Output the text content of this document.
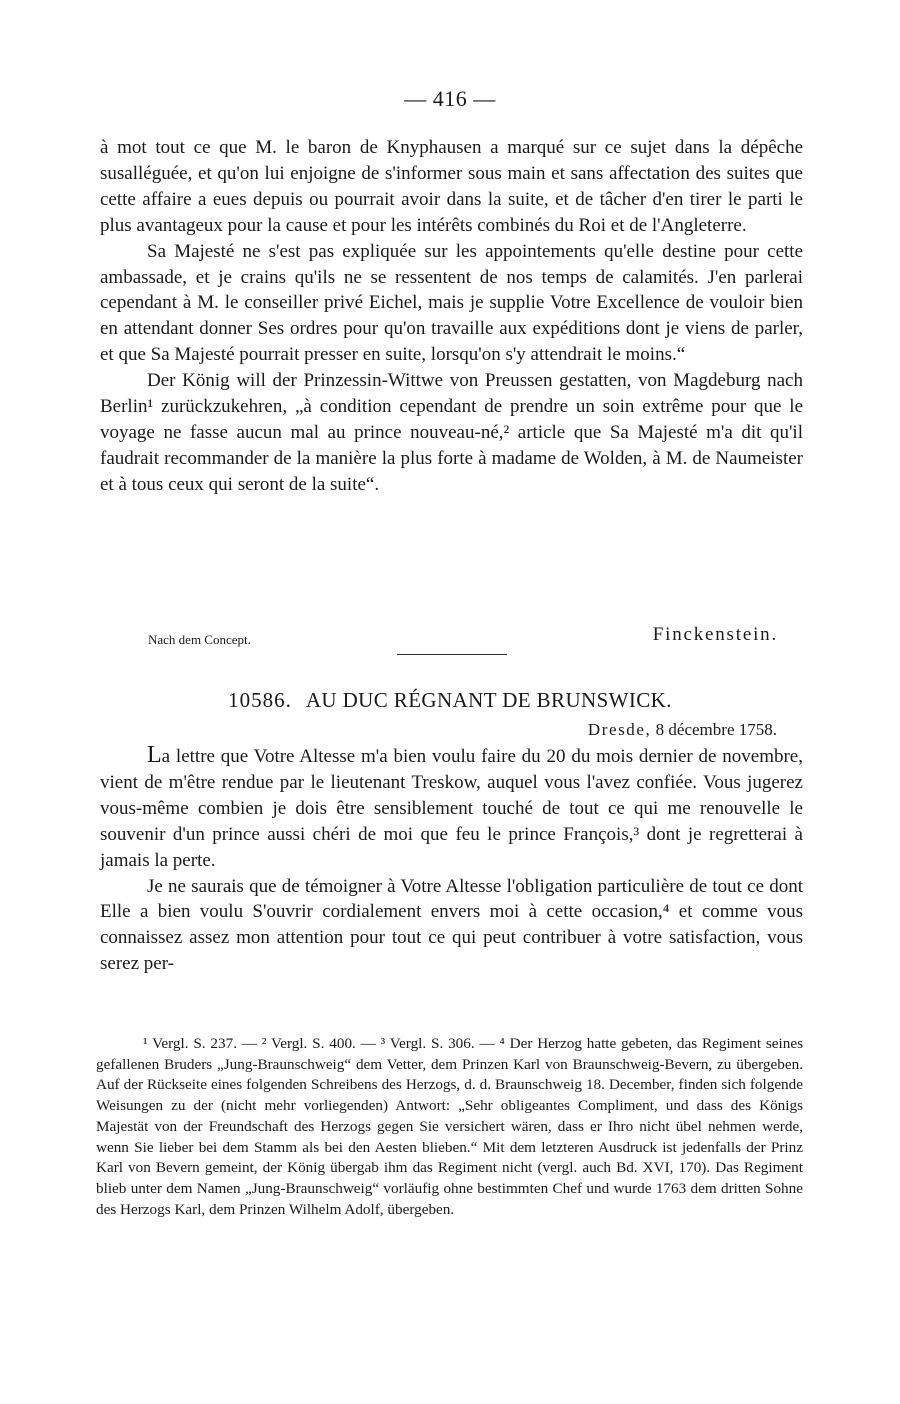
— 416 —

à mot tout ce que M. le baron de Knyphausen a marqué sur ce sujet dans la dépêche susalléguée, et qu'on lui enjoigne de s'informer sous main et sans affectation des suites que cette affaire a eues depuis ou pourrait avoir dans la suite, et de tâcher d'en tirer le parti le plus avantageux pour la cause et pour les intérêts combinés du Roi et de l'Angleterre.

Sa Majesté ne s'est pas expliquée sur les appointements qu'elle destine pour cette ambassade, et je crains qu'ils ne se ressentent de nos temps de calamités. J'en parlerai cependant à M. le conseiller privé Eichel, mais je supplie Votre Excellence de vouloir bien en attendant donner Ses ordres pour qu'on travaille aux expéditions dont je viens de parler, et que Sa Majesté pourrait presser en suite, lorsqu'on s'y attendrait le moins.“

Der König will der Prinzessin-Wittwe von Preussen gestatten, von Magdeburg nach Berlin¹ zurückzukehren, „à condition cependant de prendre un soin extrême pour que le voyage ne fasse aucun mal au prince nouveau-né,² article que Sa Majesté m'a dit qu'il faudrait recommander de la manière la plus forte à madame de Wolden, à M. de Naumeister et à tous ceux qui seront de la suite“.

Nach dem Concept.	Finckenstein.
10586. AU DUC RÉGNANT DE BRUNSWICK.
Dresde, 8 décembre 1758.

La lettre que Votre Altesse m'a bien voulu faire du 20 du mois dernier de novembre, vient de m'être rendue par le lieutenant Treskow, auquel vous l'avez confiée. Vous jugerez vous-même combien je dois être sensiblement touché de tout ce qui me renouvelle le souvenir d'un prince aussi chéri de moi que feu le prince François,³ dont je regretterai à jamais la perte.

Je ne saurais que de témoigner à Votre Altesse l'obligation particulière de tout ce dont Elle a bien voulu S'ouvrir cordialement envers moi à cette occasion,⁴ et comme vous connaissez assez mon attention pour tout ce qui peut contribuer à votre satisfaction, vous serez per-

¹ Vergl. S. 237. — ² Vergl. S. 400. — ³ Vergl. S. 306. — ⁴ Der Herzog hatte gebeten, das Regiment seines gefallenen Bruders „Jung-Braunschweig“ dem Vetter, dem Prinzen Karl von Braunschweig-Bevern, zu übergeben. Auf der Rückseite eines folgenden Schreibens des Herzogs, d. d. Braunschweig 18. December, finden sich folgende Weisungen zu der (nicht mehr vorliegenden) Antwort: „Sehr obligeantes Compliment, und dass des Königs Majestät von der Freundschaft des Herzogs gegen Sie versichert wären, dass er Ihro nicht übel nehmen werde, wenn Sie lieber bei dem Stamm als bei den Aesten blieben.“ Mit dem letzteren Ausdruck ist jedenfalls der Prinz Karl von Bevern gemeint, der König übergab ihm das Regiment nicht (vergl. auch Bd. XVI, 170). Das Regiment blieb unter dem Namen „Jung-Braunschweig“ vorläufig ohne bestimmten Chef und wurde 1763 dem dritten Sohne des Herzogs Karl, dem Prinzen Wilhelm Adolf, übergeben.
